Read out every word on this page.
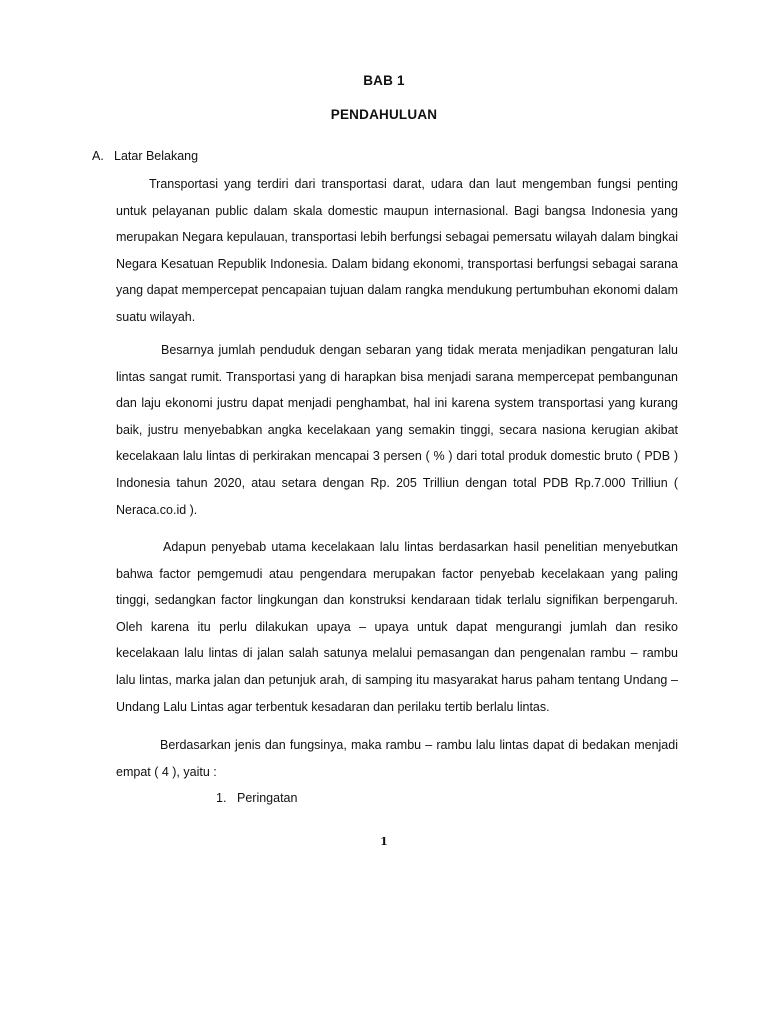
BAB 1
PENDAHULUAN
A. Latar Belakang

Transportasi yang terdiri dari transportasi darat, udara dan laut mengemban fungsi penting untuk pelayanan public dalam skala domestic maupun internasional. Bagi bangsa Indonesia yang merupakan Negara kepulauan, transportasi lebih berfungsi sebagai pemersatu wilayah dalam bingkai Negara Kesatuan Republik Indonesia. Dalam bidang ekonomi, transportasi berfungsi sebagai sarana yang dapat mempercepat pencapaian tujuan dalam rangka mendukung pertumbuhan ekonomi dalam suatu wilayah.

Besarnya jumlah penduduk dengan sebaran yang tidak merata menjadikan pengaturan lalu lintas sangat rumit. Transportasi yang di harapkan bisa menjadi sarana mempercepat pembangunan dan laju ekonomi justru dapat menjadi penghambat, hal ini karena system transportasi yang kurang baik, justru menyebabkan angka kecelakaan yang semakin tinggi, secara nasiona kerugian akibat kecelakaan lalu lintas di perkirakan mencapai 3 persen ( % ) dari total produk domestic bruto ( PDB ) Indonesia tahun 2020, atau setara dengan Rp. 205 Trilliun dengan total PDB Rp.7.000 Trilliun ( Neraca.co.id ).

Adapun penyebab utama kecelakaan lalu lintas berdasarkan hasil penelitian menyebutkan bahwa factor pemgemudi atau pengendara merupakan factor penyebab kecelakaan yang paling tinggi, sedangkan factor lingkungan dan konstruksi kendaraan tidak terlalu signifikan berpengaruh. Oleh karena itu perlu dilakukan upaya – upaya untuk dapat mengurangi jumlah dan resiko kecelakaan lalu lintas di jalan salah satunya melalui pemasangan dan pengenalan rambu – rambu lalu lintas, marka jalan dan petunjuk arah, di samping itu masyarakat harus paham tentang Undang – Undang Lalu Lintas agar terbentuk kesadaran dan perilaku tertib berlalu lintas.

Berdasarkan jenis dan fungsinya, maka rambu – rambu lalu lintas dapat di bedakan menjadi empat ( 4 ), yaitu :

1. Peringatan
1
